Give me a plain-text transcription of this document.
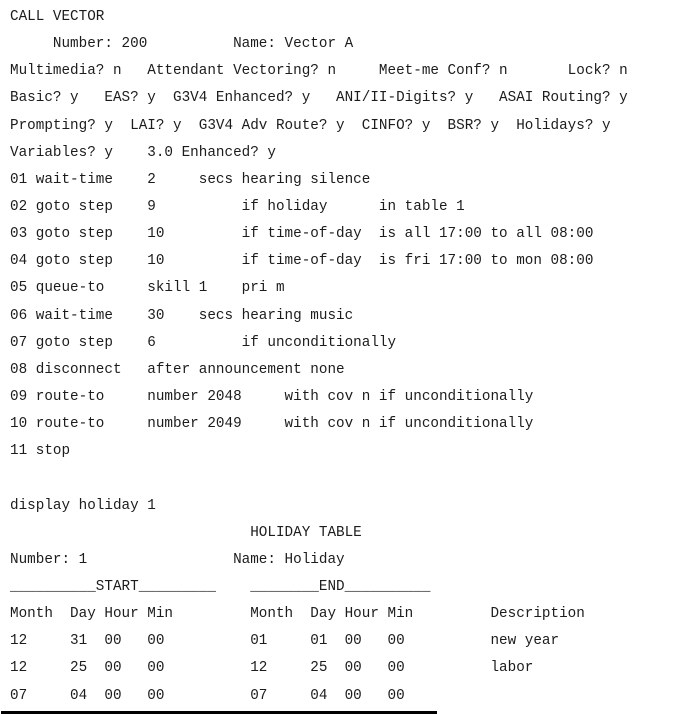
CALL VECTOR
Number: 200          Name: Vector A
Multimedia? n   Attendant Vectoring? n     Meet-me Conf? n       Lock? n
Basic? y   EAS? y  G3V4 Enhanced? y   ANI/II-Digits? y   ASAI Routing? y
Prompting? y  LAI? y  G3V4 Adv Route? y  CINFO? y  BSR? y  Holidays? y
Variables? y    3.0 Enhanced? y
01 wait-time    2     secs hearing silence
02 goto step    9          if holiday      in table 1
03 goto step    10         if time-of-day  is all 17:00 to all 08:00
04 goto step    10         if time-of-day  is fri 17:00 to mon 08:00
05 queue-to     skill 1    pri m
06 wait-time    30    secs hearing music
07 goto step    6          if unconditionally
08 disconnect   after announcement none
09 route-to     number 2048     with cov n if unconditionally
10 route-to     number 2049     with cov n if unconditionally
11 stop
display holiday 1
HOLIDAY TABLE
Number: 1                 Name: Holiday
__________START_________    ________END__________
Month  Day Hour Min         Month  Day Hour Min         Description
12     31  00   00          01     01  00   00          new year
12     25  00   00          12     25  00   00          labor
07     04  00   00          07     04  00   00
